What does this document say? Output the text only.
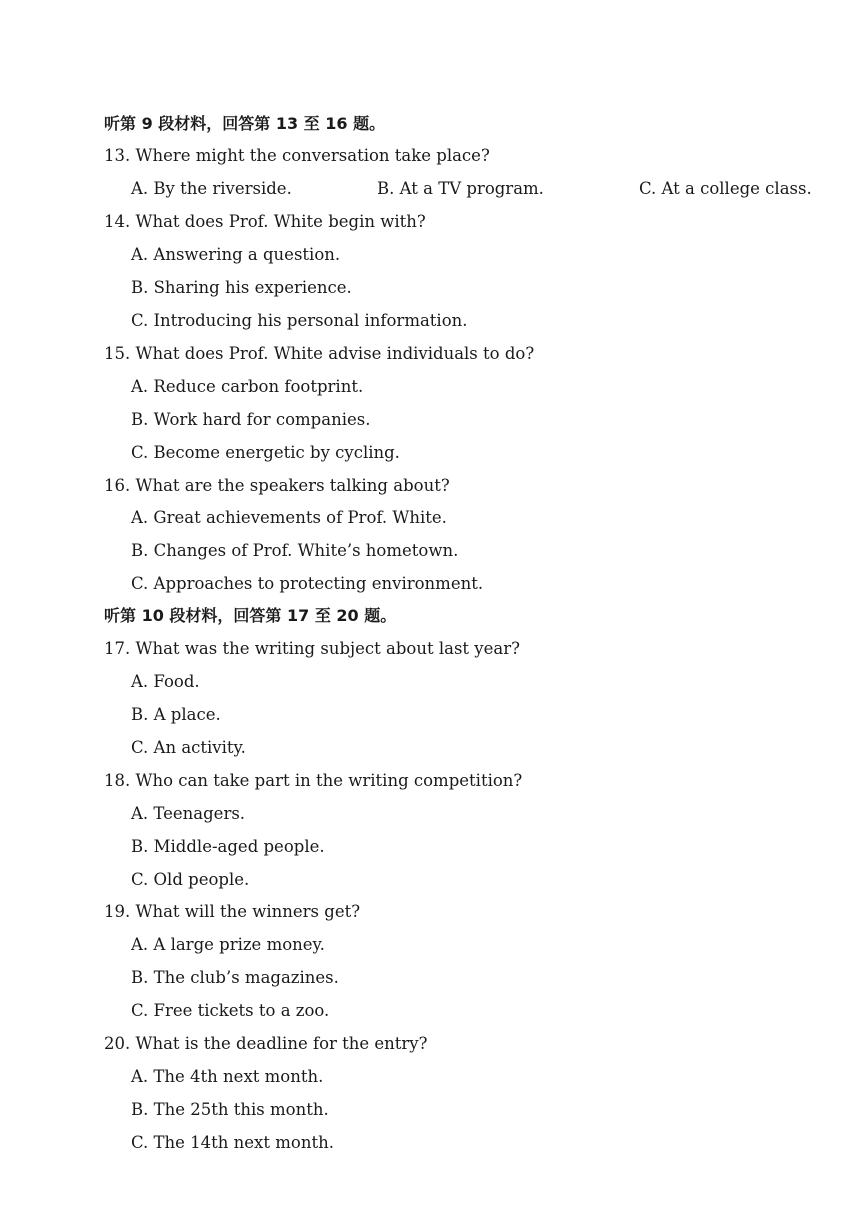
听第 9 段材料，回答第 13 至 16 题。
13. Where might the conversation take place?
A. By the riverside.	B. At a TV program.	C. At a college class.
14. What does Prof. White begin with?
A. Answering a question.
B. Sharing his experience.
C. Introducing his personal information.
15. What does Prof. White advise individuals to do?
A. Reduce carbon footprint.
B. Work hard for companies.
C. Become energetic by cycling.
16. What are the speakers talking about?
A. Great achievements of Prof. White.
B. Changes of Prof. White’s hometown.
C. Approaches to protecting environment.
听第 10 段材料，回答第 17 至 20 题。
17. What was the writing subject about last year?
A. Food.
B. A place.
C. An activity.
18. Who can take part in the writing competition?
A. Teenagers.
B. Middle-aged people.
C. Old people.
19. What will the winners get?
A. A large prize money.
B. The club’s magazines.
C. Free tickets to a zoo.
20. What is the deadline for the entry?
A. The 4th next month.
B. The 25th this month.
C. The 14th next month.
